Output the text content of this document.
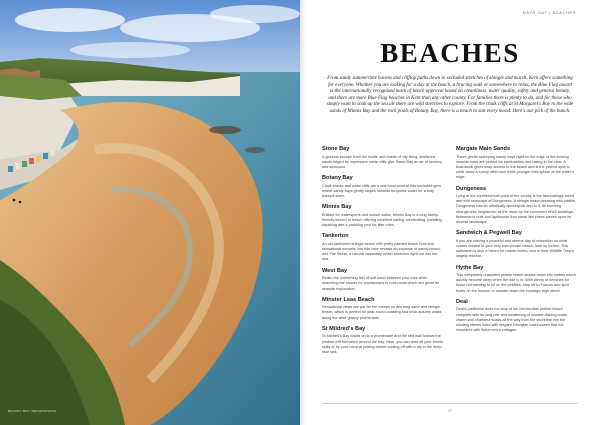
BOTANY BAY, BROADSTAIRS
DAYS OUT | BEACHES
BEACHES
From sandy summertime havens and clifftop paths down to secluded stretches of shingle and marsh, Kent offers something for everyone. Whether you are looking for a day at the beach, a bracing walk or somewhere to relax, the Blue Flag award is the internationally recognised mark of beach approval based on cleanliness, water quality, safety and general beauty, and there are more Blue Flag beaches in Kent than any other county. For families there is plenty to do, and for those who simply want to soak up the sea air there are wild stretches to explore. From the chalk cliffs at St Margaret's Bay to the wide sands of Minnis Bay and the rock pools of Botany Bay, there is a beach to suit every mood. Here's our pick of the bunch.
Stone Bay

A glorious escape from the hustle and bustle of city living, sheltered sands edged by impressive white cliffs give Stone Bay an air of secrecy and seclusion.

Botany Bay

Chalk stacks and white cliffs are a real focal point at this secluded gem where sandy bays gently slopes towards turquoise water for a truly tranquil swim.

Minnis Bay

Brilliant for watersports and sunset walks, Minnis Bay is a long family-friendly stretch of beach offering excellent sailing, windsurfing, paddling, kayaking and a paddling pool for little ones.

Tankerton

An old-fashioned shingle beach with pretty painted beach huts and sensational sunsets, low tide here reveals an expanse of sandy beach, and The Street, a natural causeway which stretches right out into the sea.

West Bay

Relish the comforting feel of soft sand between your toes while searching the shores for crustaceans in rock pools which are great for seaside exploration.

Minster Leas Beach

Sensational views are par for the course on this long sand and shingle beach, which is perfect for year-round coasting and brisk autumn walks along the wide grassy promenade.

St Mildred's Bay

St Mildred's Bay backs on to a promenade and the sea wall follows the pristine cliff formation around the bay. Here, you can dust off your tennis skills or try your hand at putting before cooling off with a dip in the deep blue sea.

Margate Main Sands

These gentle sweeping sandy bays right on the edge of the thriving seaside town are perfect for sandcastles and taking in the view. A boardwalk gives easy access to the beach and is the perfect spot to while away a sunny afternoon while younger kids splash at the water's edge.

Dungeness

Lying at the southernmost point of the county is the fascinatingly weird and wild seascape of Dungeness. A shingle beach teeming with wildlife, Dungeness has an artistically apocalyptic feel to it, its stunning strangeness heightened all the more by the converted WW2 buildings, fishermen's huts and lighthouse that stand like chess pieces upon its diverse landscape.

Sandwich & Pegwell Bay

If you are craving a peaceful and serene day of relaxation on what comes closest to your very own private beach, look no further. This saltmarsh is also a haven for nature lovers, and is Kent Wildlife Trust's largest reserve.

Hythe Bay

This completely unspoiled pebble beach slopes down into waters which quickly become deep when the tide is in. With plenty of benches for those not wanting to sit on the pebbles, stop off to Francis and spot boats on the horizon or wander down the nostalgic high street.

Deal

Deal's prettiness does not stop at the immaculate pebble beach complete with its long pier and smattering of wooden fishing boats, charm and charisma soaks all the way from the shoreline into the winding streets lined with elegant Georgian townhouses that rub shoulders with fishermen's cottages.

47
